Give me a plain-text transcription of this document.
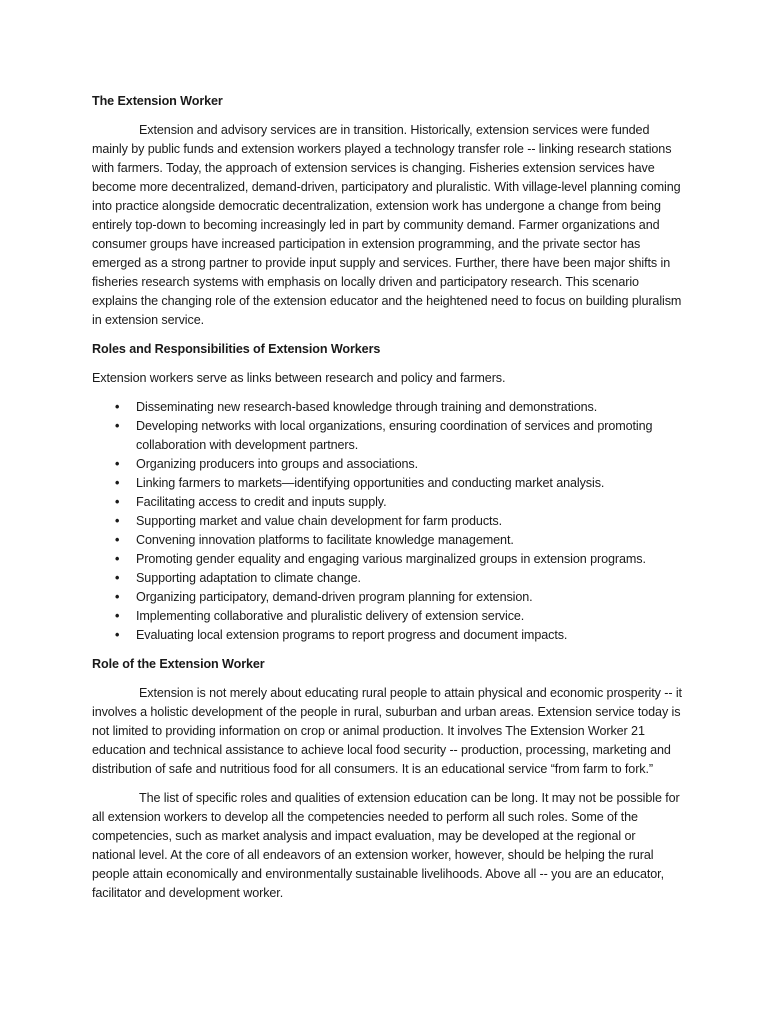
The Extension Worker

Extension and advisory services are in transition. Historically, extension services were funded mainly by public funds and extension workers played a technology transfer role -- linking research stations with farmers. Today, the approach of extension services is changing. Fisheries extension services have become more decentralized, demand-driven, participatory and pluralistic. With village-level planning coming into practice alongside democratic decentralization, extension work has undergone a change from being entirely top-down to becoming increasingly led in part by community demand. Farmer organizations and consumer groups have increased participation in extension programming, and the private sector has emerged as a strong partner to provide input supply and services. Further, there have been major shifts in fisheries research systems with emphasis on locally driven and participatory research. This scenario explains the changing role of the extension educator and the heightened need to focus on building pluralism in extension service.

Roles and Responsibilities of Extension Workers

Extension workers serve as links between research and policy and farmers.

• Disseminating new research-based knowledge through training and demonstrations.
• Developing networks with local organizations, ensuring coordination of services and promoting collaboration with development partners.
• Organizing producers into groups and associations.
• Linking farmers to markets—identifying opportunities and conducting market analysis.
• Facilitating access to credit and inputs supply.
• Supporting market and value chain development for farm products.
• Convening innovation platforms to facilitate knowledge management.
• Promoting gender equality and engaging various marginalized groups in extension programs.
• Supporting adaptation to climate change.
• Organizing participatory, demand-driven program planning for extension.
• Implementing collaborative and pluralistic delivery of extension service.
• Evaluating local extension programs to report progress and document impacts.
Role of the Extension Worker

Extension is not merely about educating rural people to attain physical and economic prosperity -- it involves a holistic development of the people in rural, suburban and urban areas. Extension service today is not limited to providing information on crop or animal production. It involves The Extension Worker 21 education and technical assistance to achieve local food security -- production, processing, marketing and distribution of safe and nutritious food for all consumers. It is an educational service “from farm to fork.”

The list of specific roles and qualities of extension education can be long. It may not be possible for all extension workers to develop all the competencies needed to perform all such roles. Some of the competencies, such as market analysis and impact evaluation, may be developed at the regional or national level. At the core of all endeavors of an extension worker, however, should be helping the rural people attain economically and environmentally sustainable livelihoods. Above all -- you are an educator, facilitator and development worker.
